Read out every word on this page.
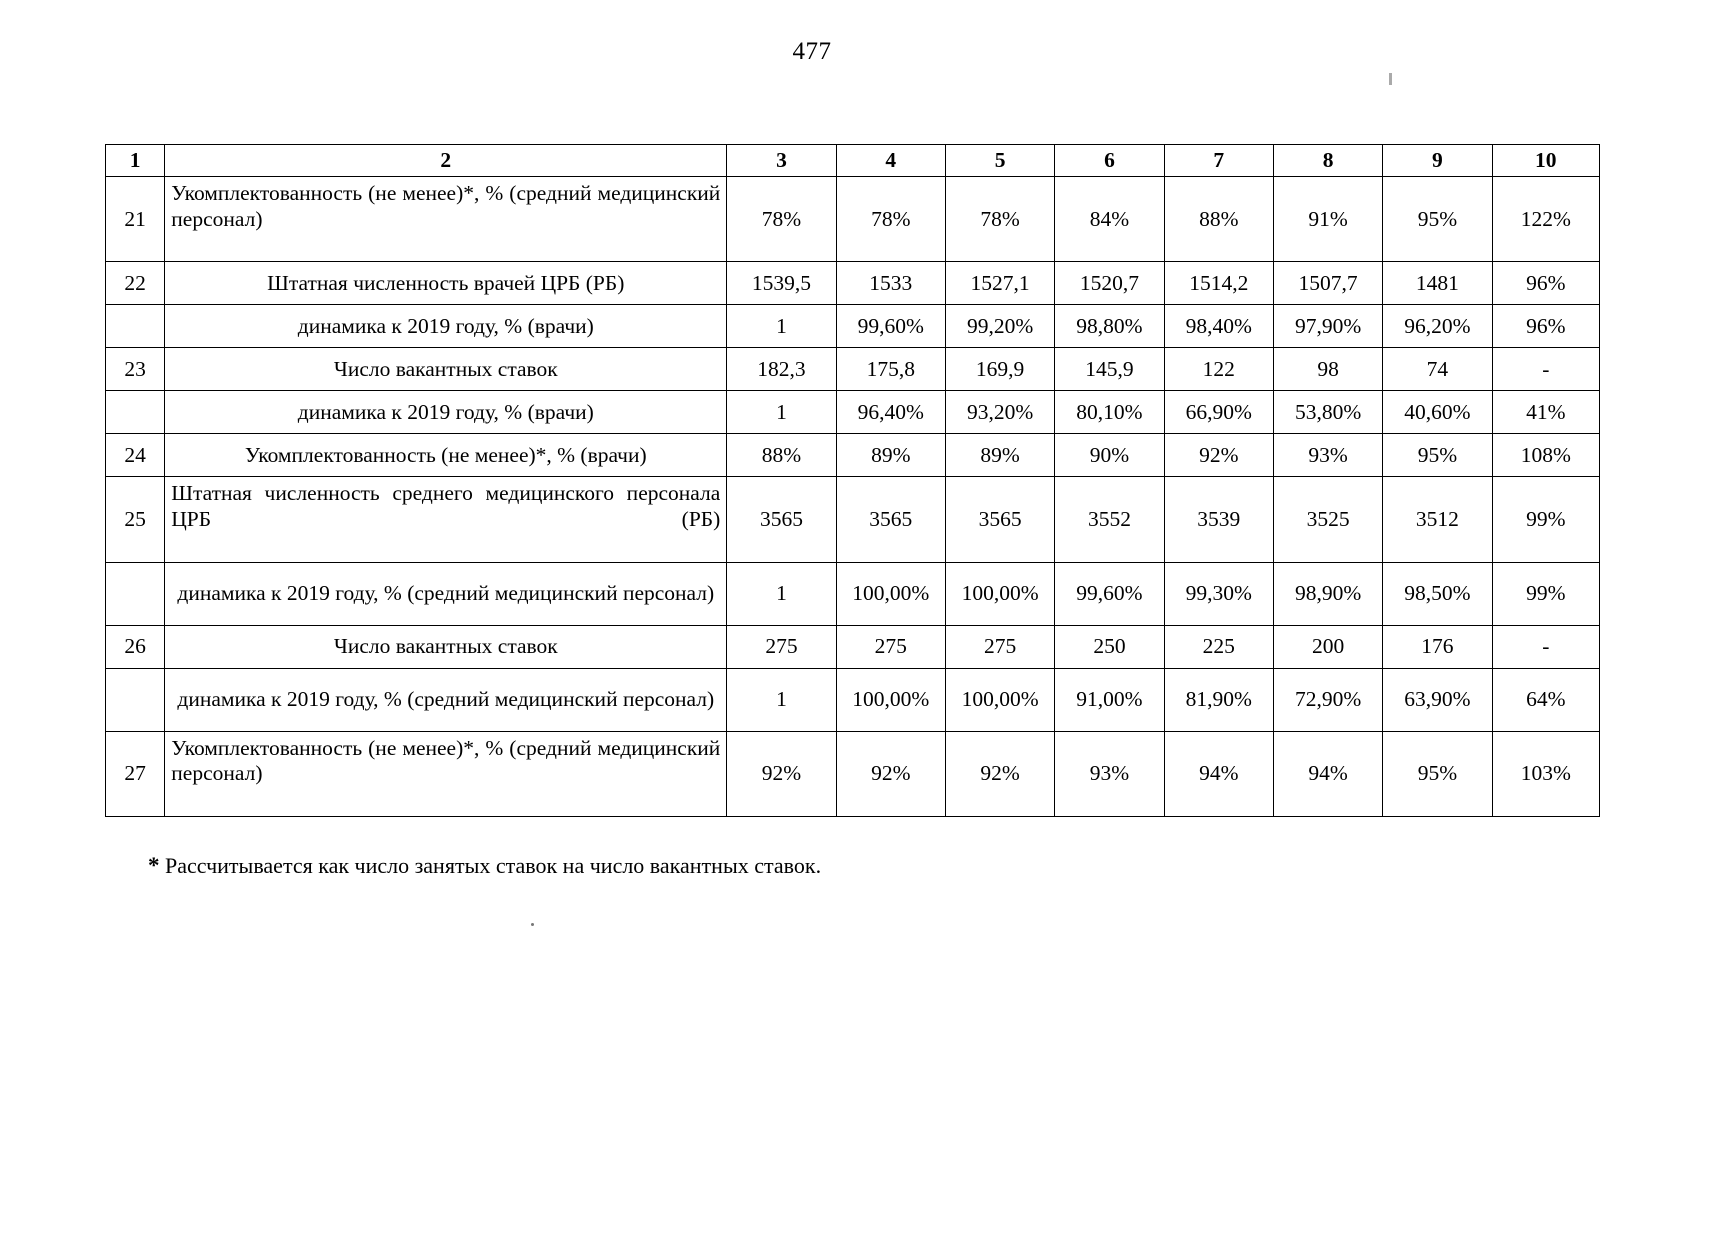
477
1	2	3	4	5	6	7	8	9	10
21	Укомплектованность (не менее)*, % (средний медицинский персонал)	78%	78%	78%	84%	88%	91%	95%	122%
22	Штатная численность врачей ЦРБ (РБ)	1539,5	1533	1527,1	1520,7	1514,2	1507,7	1481	96%
	динамика к 2019 году, % (врачи)	1	99,60%	99,20%	98,80%	98,40%	97,90%	96,20%	96%
23	Число вакантных ставок	182,3	175,8	169,9	145,9	122	98	74	-
	динамика к 2019 году, % (врачи)	1	96,40%	93,20%	80,10%	66,90%	53,80%	40,60%	41%
24	Укомплектованность (не менее)*, % (врачи)	88%	89%	89%	90%	92%	93%	95%	108%
25	Штатная численность среднего медицинского персонала ЦРБ (РБ)	3565	3565	3565	3552	3539	3525	3512	99%
	динамика к 2019 году, % (средний медицинский персонал)	1	100,00%	100,00%	99,60%	99,30%	98,90%	98,50%	99%
26	Число вакантных ставок	275	275	275	250	225	200	176	-
	динамика к 2019 году, % (средний медицинский персонал)	1	100,00%	100,00%	91,00%	81,90%	72,90%	63,90%	64%
27	Укомплектованность (не менее)*, % (средний медицинский персонал)	92%	92%	92%	93%	94%	94%	95%	103%
* Рассчитывается как число занятых ставок на число вакантных ставок.
